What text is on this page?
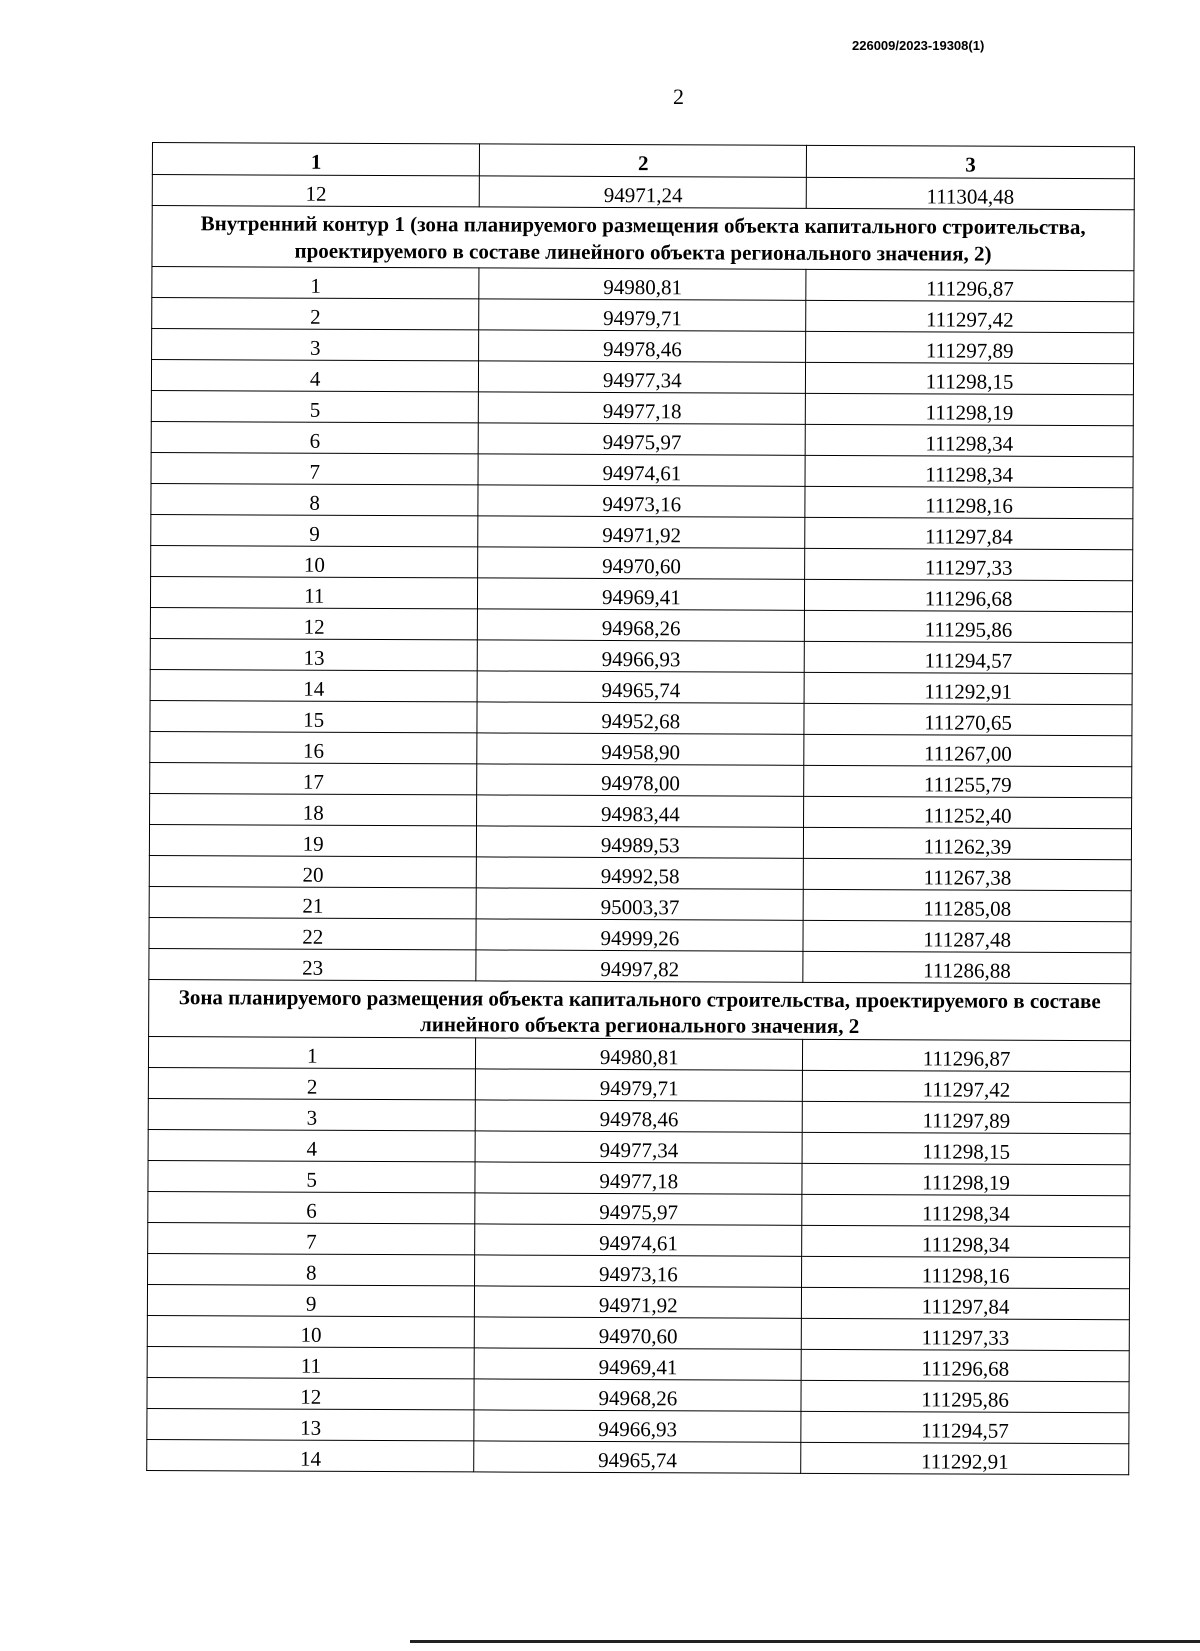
226009/2023-19308(1)
2
1	2	3
12	94971,24	111304,48
Внутренний контур 1 (зона планируемого размещения объекта капитального строительства, проектируемого в составе линейного объекта регионального значения, 2)		
1	94980,81	111296,87
2	94979,71	111297,42
3	94978,46	111297,89
4	94977,34	111298,15
5	94977,18	111298,19
6	94975,97	111298,34
7	94974,61	111298,34
8	94973,16	111298,16
9	94971,92	111297,84
10	94970,60	111297,33
11	94969,41	111296,68
12	94968,26	111295,86
13	94966,93	111294,57
14	94965,74	111292,91
15	94952,68	111270,65
16	94958,90	111267,00
17	94978,00	111255,79
18	94983,44	111252,40
19	94989,53	111262,39
20	94992,58	111267,38
21	95003,37	111285,08
22	94999,26	111287,48
23	94997,82	111286,88
Зона планируемого размещения объекта капитального строительства, проектируемого в составе линейного объекта регионального значения, 2		
1	94980,81	111296,87
2	94979,71	111297,42
3	94978,46	111297,89
4	94977,34	111298,15
5	94977,18	111298,19
6	94975,97	111298,34
7	94974,61	111298,34
8	94973,16	111298,16
9	94971,92	111297,84
10	94970,60	111297,33
11	94969,41	111296,68
12	94968,26	111295,86
13	94966,93	111294,57
14	94965,74	111292,91
